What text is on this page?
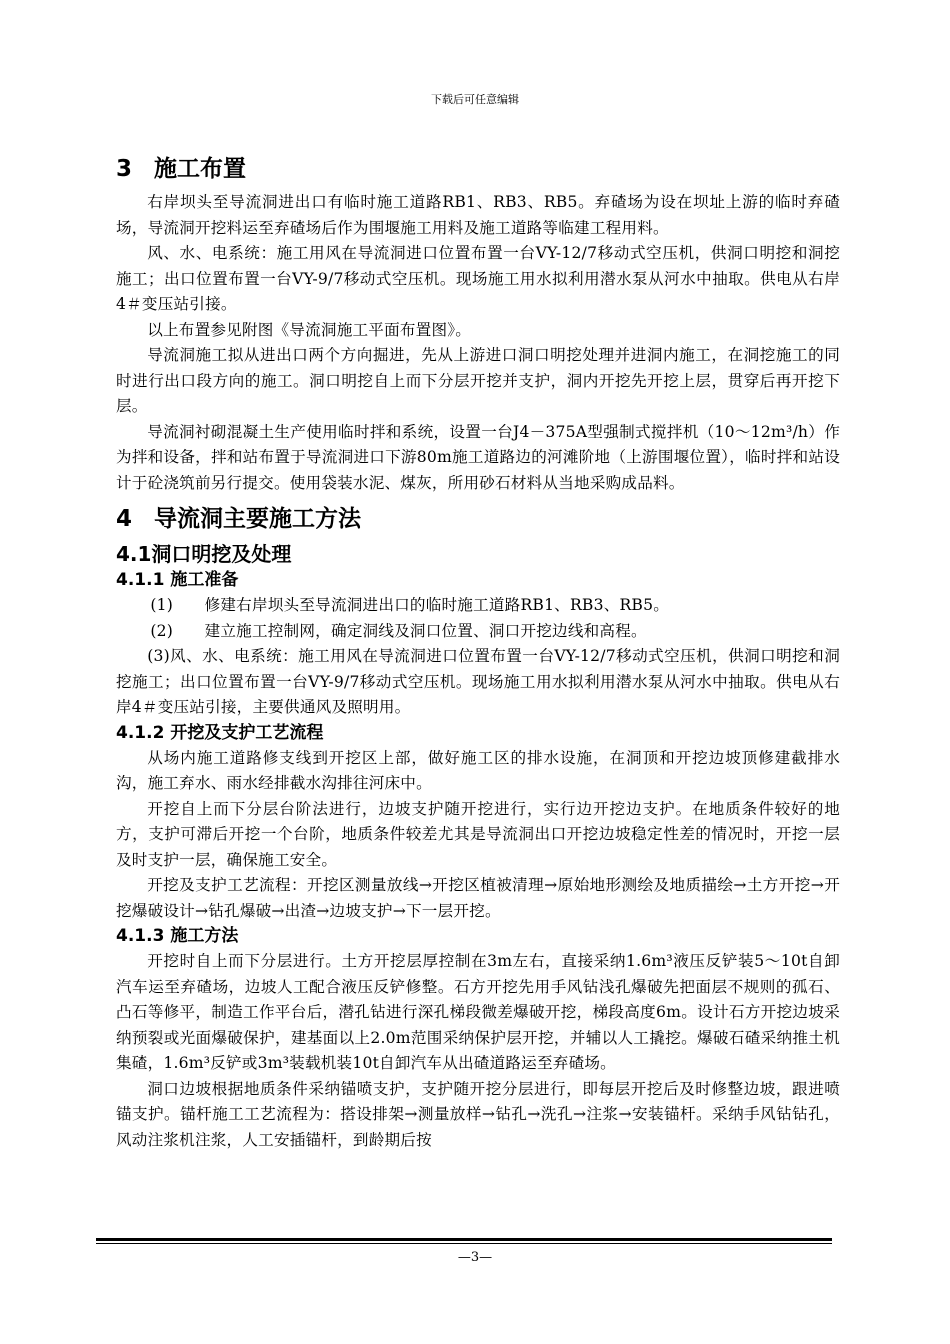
下载后可任意编辑
3 施工布置

右岸坝头至导流洞进出口有临时施工道路RB1、RB3、RB5。弃碴场为设在坝址上游的临时弃碴场，导流洞开挖料运至弃碴场后作为围堰施工用料及施工道路等临建工程用料。

风、水、电系统：施工用风在导流洞进口位置布置一台VY-12/7移动式空压机，供洞口明挖和洞挖施工；出口位置布置一台VY-9/7移动式空压机。现场施工用水拟利用潜水泵从河水中抽取。供电从右岸4＃变压站引接。

以上布置参见附图《导流洞施工平面布置图》。

导流洞施工拟从进出口两个方向掘进，先从上游进口洞口明挖处理并进洞内施工，在洞挖施工的同时进行出口段方向的施工。洞口明挖自上而下分层开挖并支护，洞内开挖先开挖上层，贯穿后再开挖下层。

导流洞衬砌混凝土生产使用临时拌和系统，设置一台J4－375A型强制式搅拌机（10～12m³/h）作为拌和设备，拌和站布置于导流洞进口下游80m施工道路边的河滩阶地（上游围堰位置），临时拌和站设计于砼浇筑前另行提交。使用袋装水泥、煤灰，所用砂石材料从当地采购成品料。

4 导流洞主要施工方法
4.1洞口明挖及处理
4.1.1 施工准备

(1)　　修建右岸坝头至导流洞进出口的临时施工道路RB1、RB3、RB5。

(2)　　建立施工控制网，确定洞线及洞口位置、洞口开挖边线和高程。

(3)风、水、电系统：施工用风在导流洞进口位置布置一台VY-12/7移动式空压机，供洞口明挖和洞挖施工；出口位置布置一台VY-9/7移动式空压机。现场施工用水拟利用潜水泵从河水中抽取。供电从右岸4＃变压站引接，主要供通风及照明用。

4.1.2 开挖及支护工艺流程

从场内施工道路修支线到开挖区上部，做好施工区的排水设施，在洞顶和开挖边坡顶修建截排水沟，施工弃水、雨水经排截水沟排往河床中。

开挖自上而下分层台阶法进行，边坡支护随开挖进行，实行边开挖边支护。在地质条件较好的地方，支护可滞后开挖一个台阶，地质条件较差尤其是导流洞出口开挖边坡稳定性差的情况时，开挖一层及时支护一层，确保施工安全。

开挖及支护工艺流程：开挖区测量放线→开挖区植被清理→原始地形测绘及地质描绘→土方开挖→开挖爆破设计→钻孔爆破→出渣→边坡支护→下一层开挖。

4.1.3 施工方法

开挖时自上而下分层进行。土方开挖层厚控制在3m左右，直接采纳1.6m³液压反铲装5～10t自卸汽车运至弃碴场，边坡人工配合液压反铲修整。石方开挖先用手风钻浅孔爆破先把面层不规则的孤石、凸石等修平，制造工作平台后，潜孔钻进行深孔梯段微差爆破开挖，梯段高度6m。设计石方开挖边坡采纳预裂或光面爆破保护，建基面以上2.0m范围采纳保护层开挖，并辅以人工撬挖。爆破石碴采纳推土机集碴，1.6m³反铲或3m³装载机装10t自卸汽车从出碴道路运至弃碴场。

洞口边坡根据地质条件采纳锚喷支护，支护随开挖分层进行，即每层开挖后及时修整边坡，跟进喷锚支护。锚杆施工工艺流程为：搭设排架→测量放样→钻孔→洗孔→注浆→安装锚杆。采纳手风钻钻孔，风动注浆机注浆，人工安插锚杆，到龄期后按

—3—
